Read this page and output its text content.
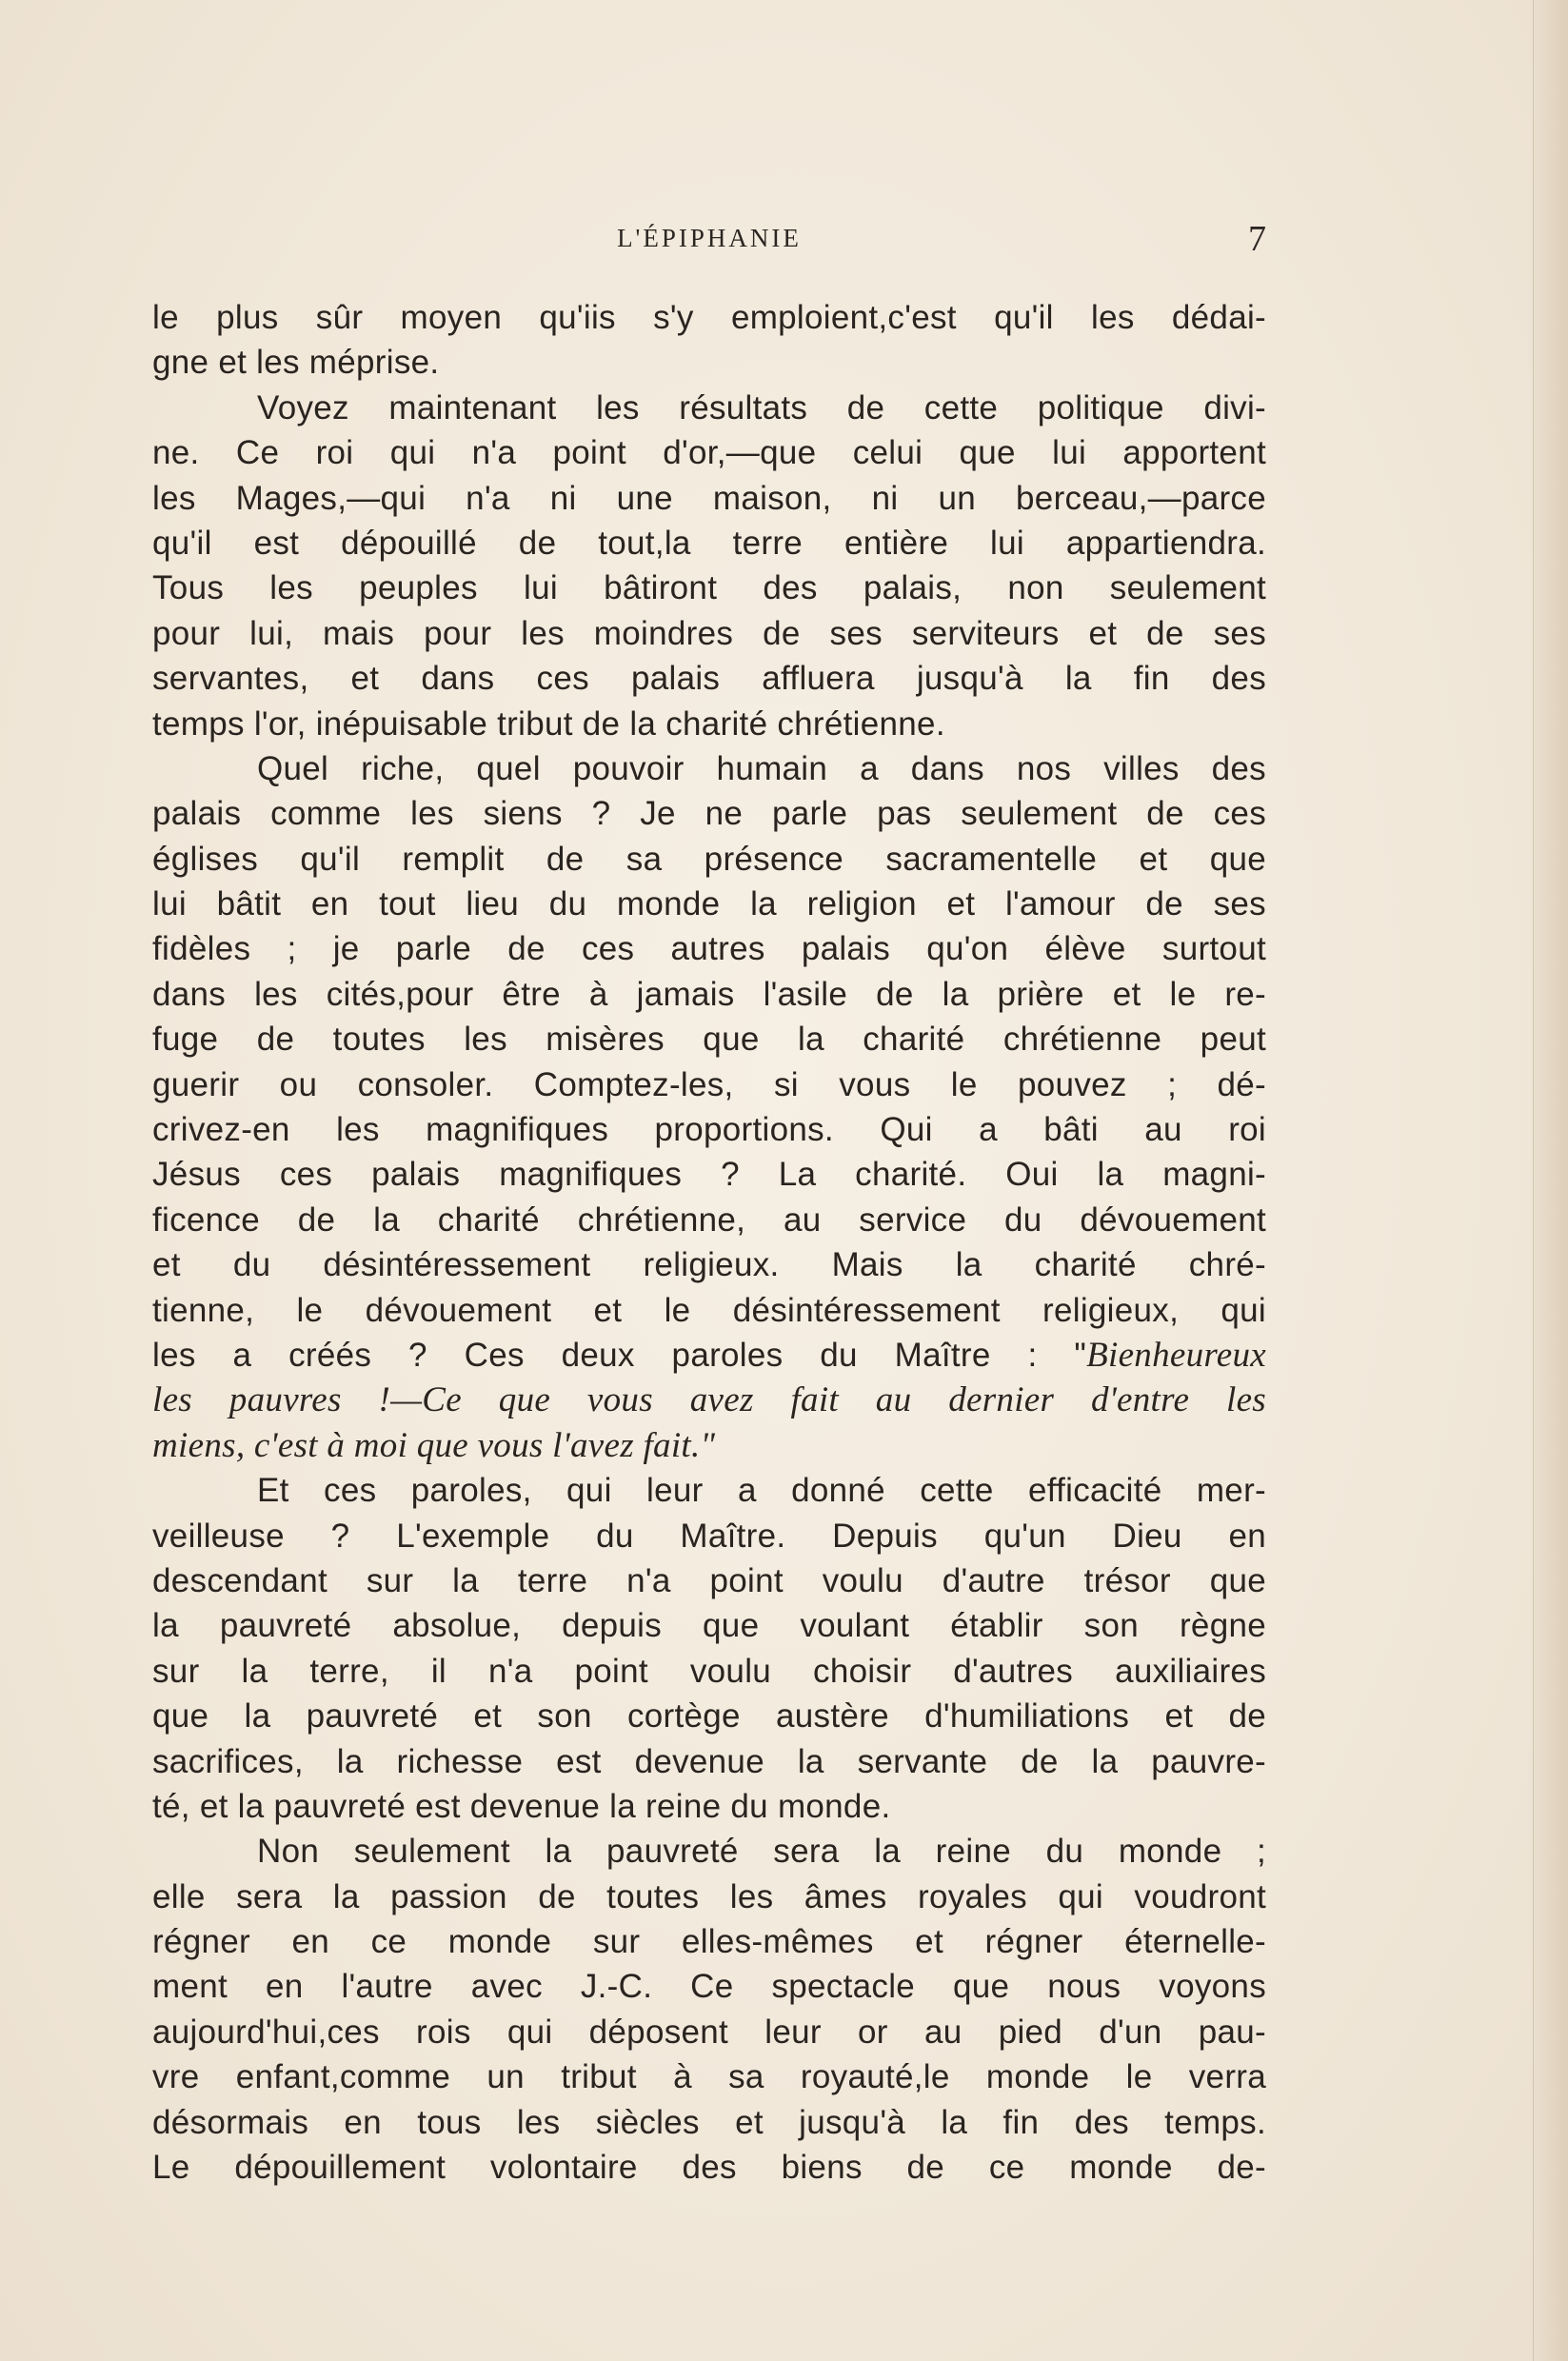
L'ÉPIPHANIE	7
le plus sûr moyen qu'iis s'y emploient,c'est qu'il les dédai-
gne et les méprise.
Voyez maintenant les résultats de cette politique divi-
ne. Ce roi qui n'a point d'or,—que celui que lui apportent
les Mages,—qui n'a ni une maison, ni un berceau,—parce
qu'il est dépouillé de tout,la terre entière lui appartiendra.
Tous les peuples lui bâtiront des palais, non seulement
pour lui, mais pour les moindres de ses serviteurs et de ses
servantes, et dans ces palais affluera jusqu'à la fin des
temps l'or, inépuisable tribut de la charité chrétienne.
Quel riche, quel pouvoir humain a dans nos villes des
palais comme les siens ? Je ne parle pas seulement de ces
églises qu'il remplit de sa présence sacramentelle et que
lui bâtit en tout lieu du monde la religion et l'amour de ses
fidèles ; je parle de ces autres palais qu'on élève surtout
dans les cités,pour être à jamais l'asile de la prière et le re-
fuge de toutes les misères que la charité chrétienne peut
guerir ou consoler. Comptez-les, si vous le pouvez ; dé-
crivez-en les magnifiques proportions. Qui a bâti au roi
Jésus ces palais magnifiques ? La charité. Oui la magni-
ficence de la charité chrétienne, au service du dévouement
et du désintéressement religieux. Mais la charité chré-
tienne, le dévouement et le désintéressement religieux, qui
les a créés ? Ces deux paroles du Maître : "Bienheureux
les pauvres !—Ce que vous avez fait au dernier d'entre les
miens, c'est à moi que vous l'avez fait."
Et ces paroles, qui leur a donné cette efficacité mer-
veilleuse ? L'exemple du Maître. Depuis qu'un Dieu en
descendant sur la terre n'a point voulu d'autre trésor que
la pauvreté absolue, depuis que voulant établir son règne
sur la terre, il n'a point voulu choisir d'autres auxiliaires
que la pauvreté et son cortège austère d'humiliations et de
sacrifices, la richesse est devenue la servante de la pauvre-
té, et la pauvreté est devenue la reine du monde.
Non seulement la pauvreté sera la reine du monde ;
elle sera la passion de toutes les âmes royales qui voudront
régner en ce monde sur elles-mêmes et régner éternelle-
ment en l'autre avec J.-C. Ce spectacle que nous voyons
aujourd'hui,ces rois qui déposent leur or au pied d'un pau-
vre enfant,comme un tribut à sa royauté,le monde le verra
désormais en tous les siècles et jusqu'à la fin des temps.
Le dépouillement volontaire des biens de ce monde de-
